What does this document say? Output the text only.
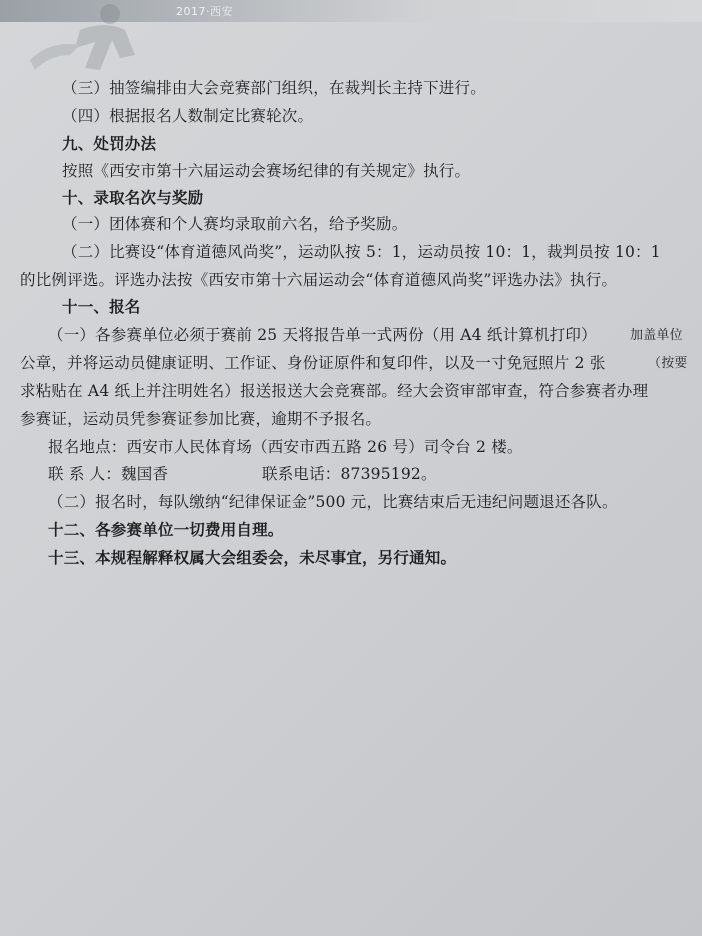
2017·西安
（三）抽签编排由大会竞赛部门组织，在裁判长主持下进行。
（四）根据报名人数制定比赛轮次。
九、处罚办法
按照《西安市第十六届运动会赛场纪律的有关规定》执行。
十、录取名次与奖励
（一）团体赛和个人赛均录取前六名，给予奖励。
（二）比赛设“体育道德风尚奖”，运动队按 5：1，运动员按 10：1，裁判员按 10：1
的比例评选。评选办法按《西安市第十六届运动会“体育道德风尚奖”评选办法》执行。
十一、报名
（一）各参赛单位必须于赛前 25 天将报告单一式两份（用 A4 纸计算机打印）	加盖单位
公章，并将运动员健康证明、工作证、身份证原件和复印件，以及一寸免冠照片 2 张	（按要
求粘贴在 A4 纸上并注明姓名）报送报送大会竞赛部。经大会资审部审查，符合参赛者办理
参赛证，运动员凭参赛证参加比赛，逾期不予报名。
报名地点：西安市人民体育场（西安市西五路 26 号）司令台 2 楼。
联 系 人：魏国香	联系电话：87395192。
（二）报名时，每队缴纳“纪律保证金”500 元，比赛结束后无违纪问题退还各队。
十二、各参赛单位一切费用自理。
十三、本规程解释权属大会组委会，未尽事宜，另行通知。
